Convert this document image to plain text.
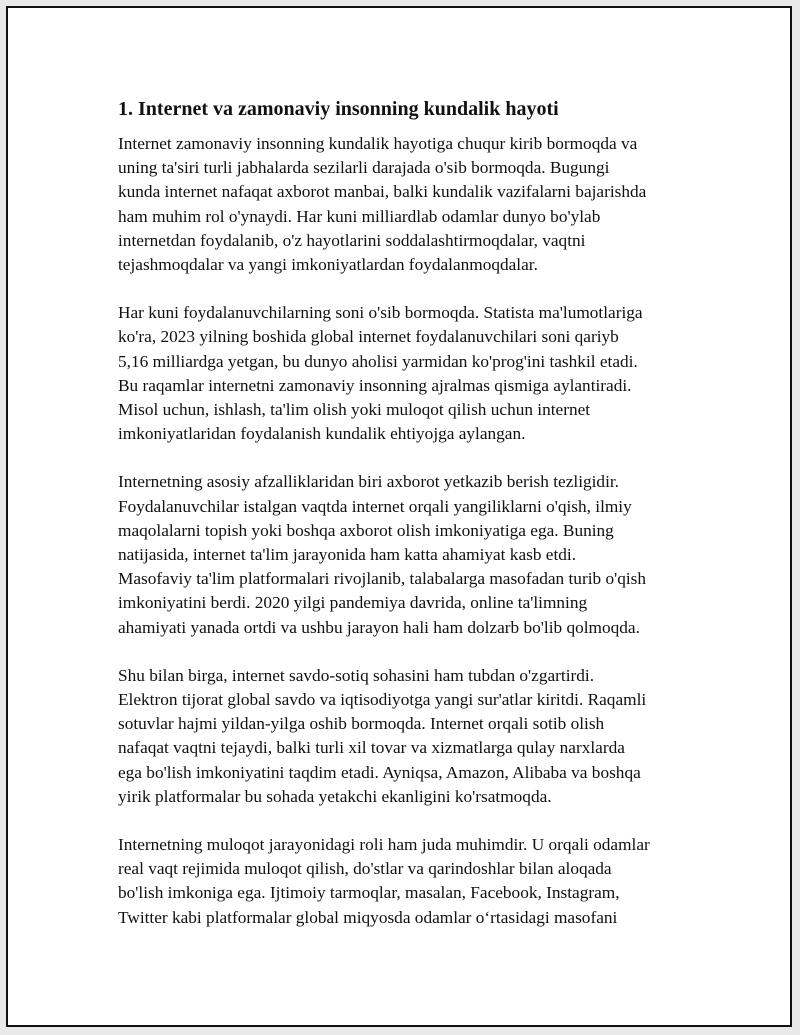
1. Internet va zamonaviy insonning kundalik hayoti

Internet zamonaviy insonning kundalik hayotiga chuqur kirib bormoqda va
uning ta'siri turli jabhalarda sezilarli darajada o'sib bormoqda. Bugungi
kunda internet nafaqat axborot manbai, balki kundalik vazifalarni bajarishda
ham muhim rol o'ynaydi. Har kuni milliardlab odamlar dunyo bo'ylab
internetdan foydalanib, o'z hayotlarini soddalashtirmoqdalar, vaqtni
tejashmoqdalar va yangi imkoniyatlardan foydalanmoqdalar.

Har kuni foydalanuvchilarning soni o'sib bormoqda. Statista ma'lumotlariga
ko'ra, 2023 yilning boshida global internet foydalanuvchilari soni qariyb
5,16 milliardga yetgan, bu dunyo aholisi yarmidan ko'prog'ini tashkil etadi.
Bu raqamlar internetni zamonaviy insonning ajralmas qismiga aylantiradi.
Misol uchun, ishlash, ta'lim olish yoki muloqot qilish uchun internet
imkoniyatlaridan foydalanish kundalik ehtiyojga aylangan.

Internetning asosiy afzalliklaridan biri axborot yetkazib berish tezligidir.
Foydalanuvchilar istalgan vaqtda internet orqali yangiliklarni o'qish, ilmiy
maqolalarni topish yoki boshqa axborot olish imkoniyatiga ega. Buning
natijasida, internet ta'lim jarayonida ham katta ahamiyat kasb etdi.
Masofaviy ta'lim platformalari rivojlanib, talabalarga masofadan turib o'qish
imkoniyatini berdi. 2020 yilgi pandemiya davrida, online ta'limning
ahamiyati yanada ortdi va ushbu jarayon hali ham dolzarb bo'lib qolmoqda.

Shu bilan birga, internet savdo-sotiq sohasini ham tubdan o'zgartirdi.
Elektron tijorat global savdo va iqtisodiyotga yangi sur'atlar kiritdi. Raqamli
sotuvlar hajmi yildan-yilga oshib bormoqda. Internet orqali sotib olish
nafaqat vaqtni tejaydi, balki turli xil tovar va xizmatlarga qulay narxlarda
ega bo'lish imkoniyatini taqdim etadi. Ayniqsa, Amazon, Alibaba va boshqa
yirik platformalar bu sohada yetakchi ekanligini ko'rsatmoqda.

Internetning muloqot jarayonidagi roli ham juda muhimdir. U orqali odamlar
real vaqt rejimida muloqot qilish, do'stlar va qarindoshlar bilan aloqada
bo'lish imkoniga ega. Ijtimoiy tarmoqlar, masalan, Facebook, Instagram,
Twitter kabi platformalar global miqyosda odamlar o‘rtasidagi masofani
